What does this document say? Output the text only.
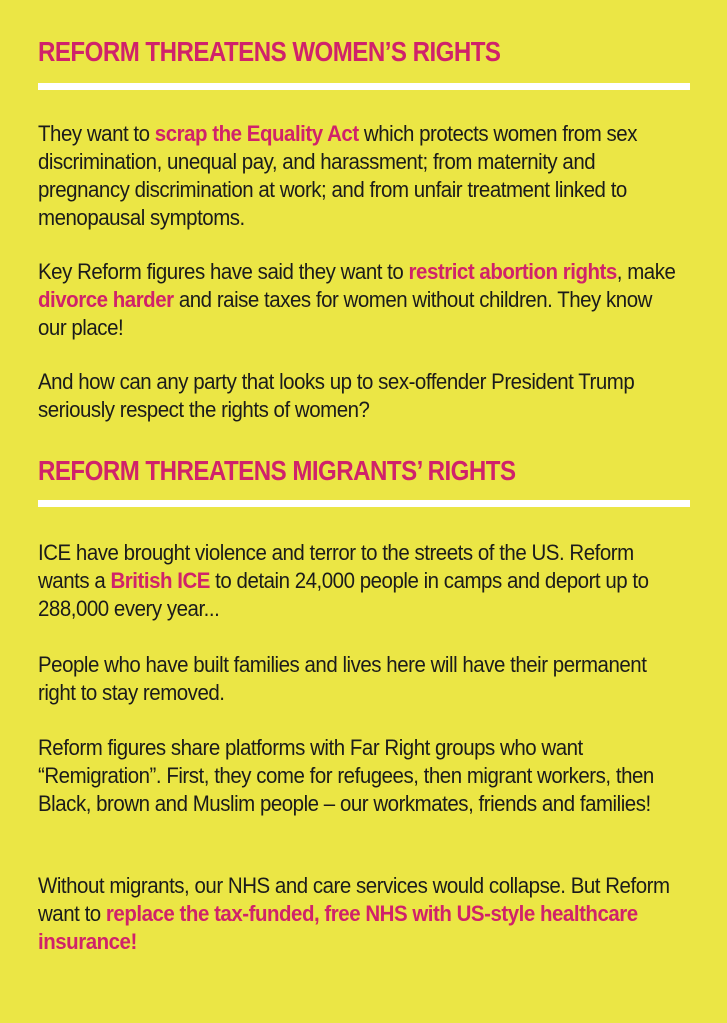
REFORM THREATENS WOMEN’S RIGHTS

They want to scrap the Equality Act which protects women from sex discrimination, unequal pay, and harassment; from maternity and pregnancy discrimination at work; and from unfair treatment linked to menopausal symptoms.

Key Reform figures have said they want to restrict abortion rights, make divorce harder and raise taxes for women without children. They know our place!

And how can any party that looks up to sex-offender President Trump seriously respect the rights of women?

REFORM THREATENS MIGRANTS’ RIGHTS

ICE have brought violence and terror to the streets of the US. Reform wants a British ICE to detain 24,000 people in camps and deport up to 288,000 every year...

People who have built families and lives here will have their permanent right to stay removed.

Reform figures share platforms with Far Right groups who want “Remigration”. First, they come for refugees, then migrant workers, then Black, brown and Muslim people – our workmates, friends and families!

Without migrants, our NHS and care services would collapse. But Reform want to replace the tax-funded, free NHS with US-style healthcare insurance!
